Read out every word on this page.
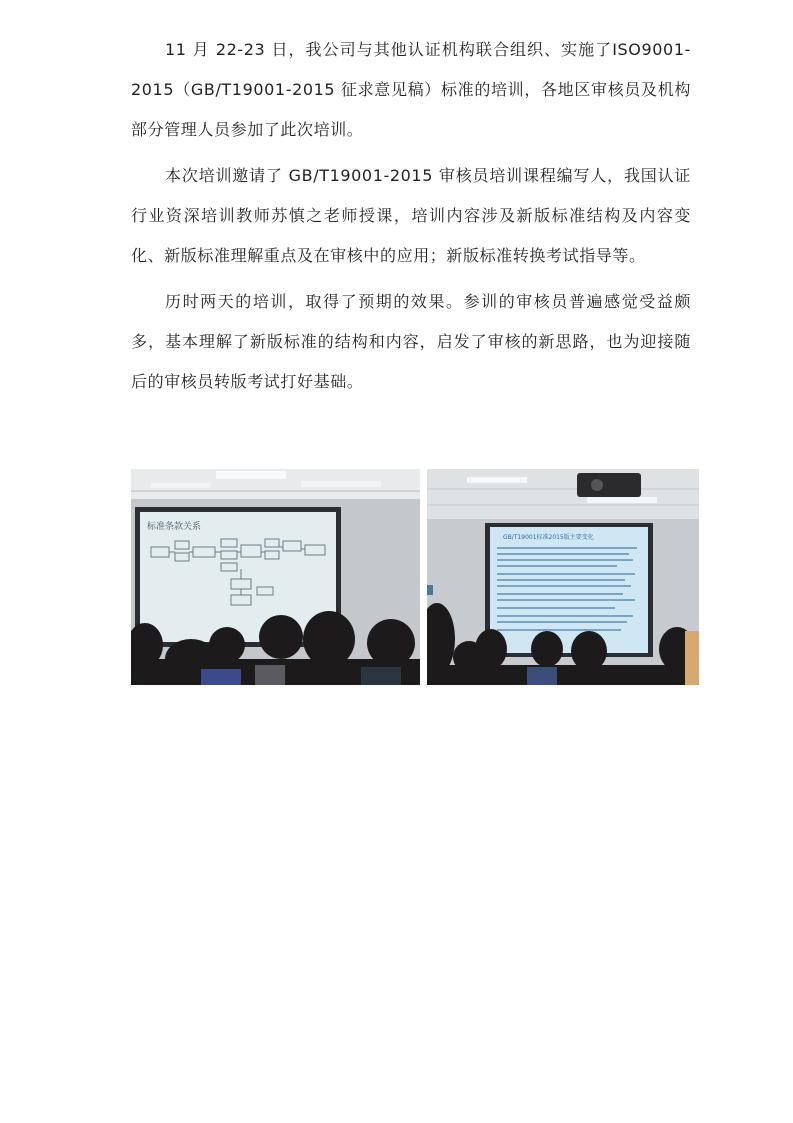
11 月 22-23 日，我公司与其他认证机构联合组织、实施了ISO9001-2015（GB/T19001-2015 征求意见稿）标准的培训，各地区审核员及机构部分管理人员参加了此次培训。

本次培训邀请了 GB/T19001-2015 审核员培训课程编写人，我国认证行业资深培训教师苏慎之老师授课，培训内容涉及新版标准结构及内容变化、新版标准理解重点及在审核中的应用；新版标准转换考试指导等。

历时两天的培训，取得了预期的效果。参训的审核员普遍感觉受益颇多，基本理解了新版标准的结构和内容，启发了审核的新思路，也为迎接随后的审核员转版考试打好基础。

标准条款关系
GB/T19001标准2015版主要变化
